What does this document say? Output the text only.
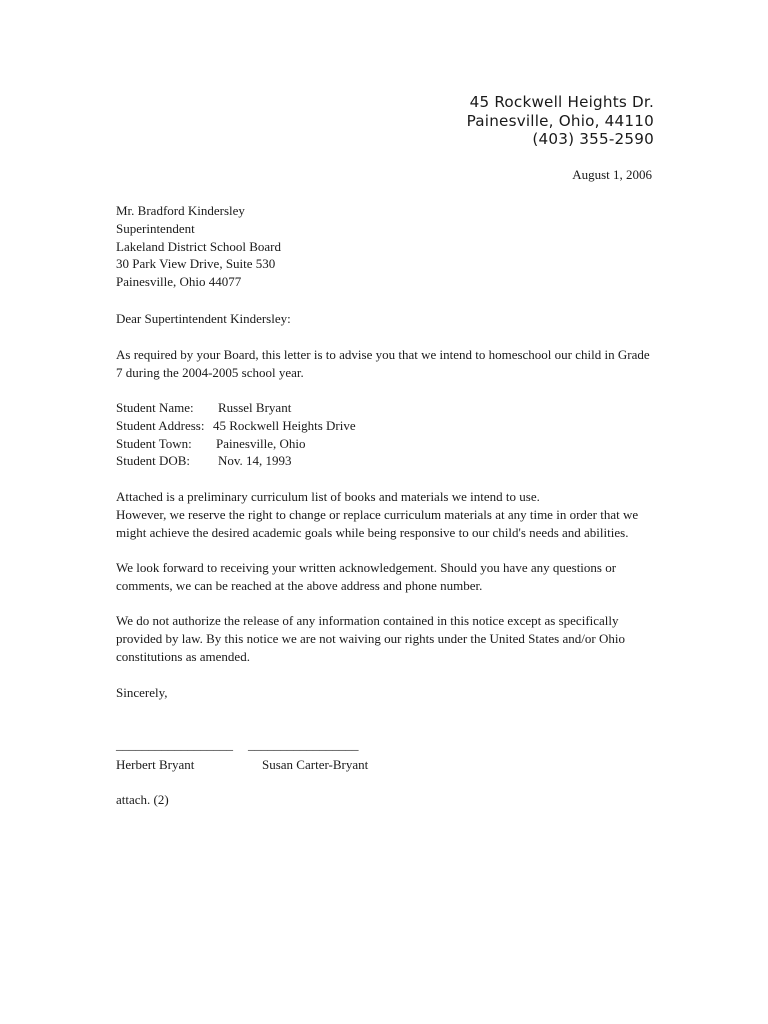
45 Rockwell Heights Dr.
Painesville, Ohio, 44110
(403) 355-2590
August 1, 2006
Mr. Bradford Kindersley
Superintendent
Lakeland District School Board
30 Park View Drive, Suite 530
Painesville, Ohio 44077
Dear Supertintendent Kindersley:
As required by your Board, this letter is to advise you that we intend to homeschool our child in Grade
7 during the 2004-2005 school year.
Student Name:	Russel Bryant
Student Address: 45 Rockwell Heights Drive
Student Town:	Painesville, Ohio
Student DOB:	Nov. 14, 1993
Attached is a preliminary curriculum list of books and materials we intend to use.
However, we reserve the right to change or replace curriculum materials at any time in order that we
might achieve the desired academic goals while being responsive to our child's needs and abilities.
We look forward to receiving your written acknowledgement. Should you have any questions or
comments, we can be reached at the above address and phone number.
We do not authorize the release of any information contained in this notice except as specifically
provided by law. By this notice we are not waiving our rights under the United States and/or Ohio
constitutions as amended.
Sincerely,
__________________ _________________
Herbert Bryant	Susan Carter-Bryant
attach. (2)
